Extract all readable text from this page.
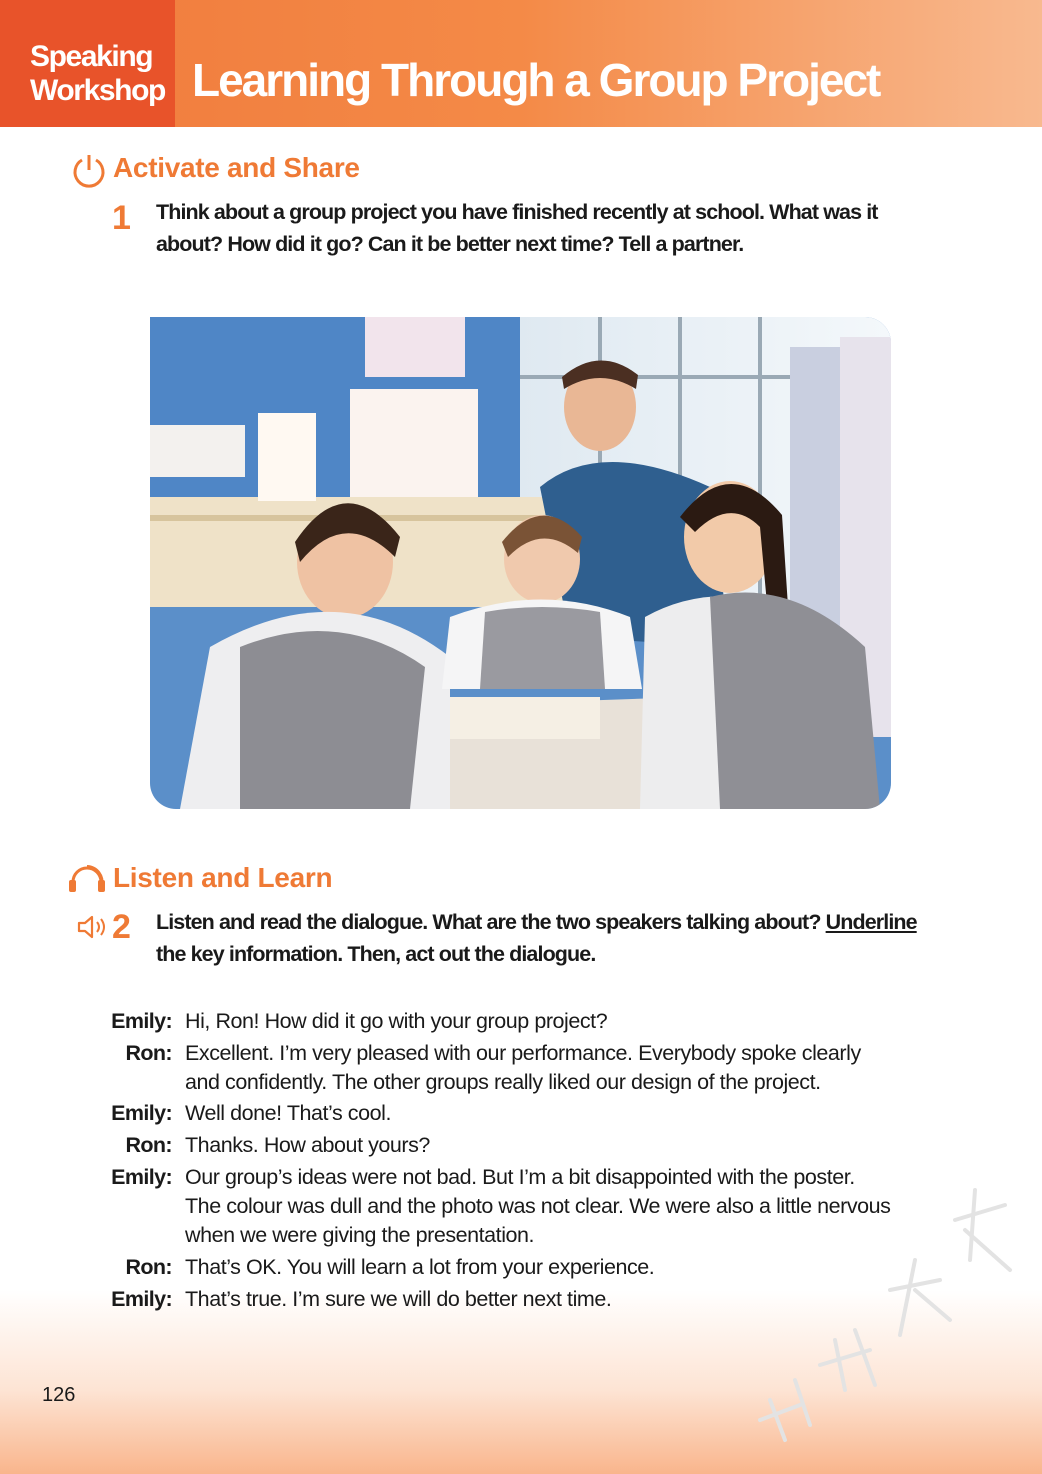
Speaking
Workshop Learning Through a Group Project
Activate and Share
1 Think about a group project you have finished recently at school. What was it
about? How did it go? Can it be better next time? Tell a partner.
Listen and Learn
2 Listen and read the dialogue. What are the two speakers talking about? Underline
the key information. Then, act out the dialogue.
Emily: Hi, Ron! How did it go with your group project?
Ron: Excellent. I’m very pleased with our performance. Everybody spoke clearly
and confidently. The other groups really liked our design of the project.
Emily: Well done! That’s cool.
Ron: Thanks. How about yours?
Emily: Our group’s ideas were not bad. But I’m a bit disappointed with the poster.
The colour was dull and the photo was not clear. We were also a little nervous
when we were giving the presentation.
Ron: That’s OK. You will learn a lot from your experience.
Emily: That’s true. I’m sure we will do better next time.
126
